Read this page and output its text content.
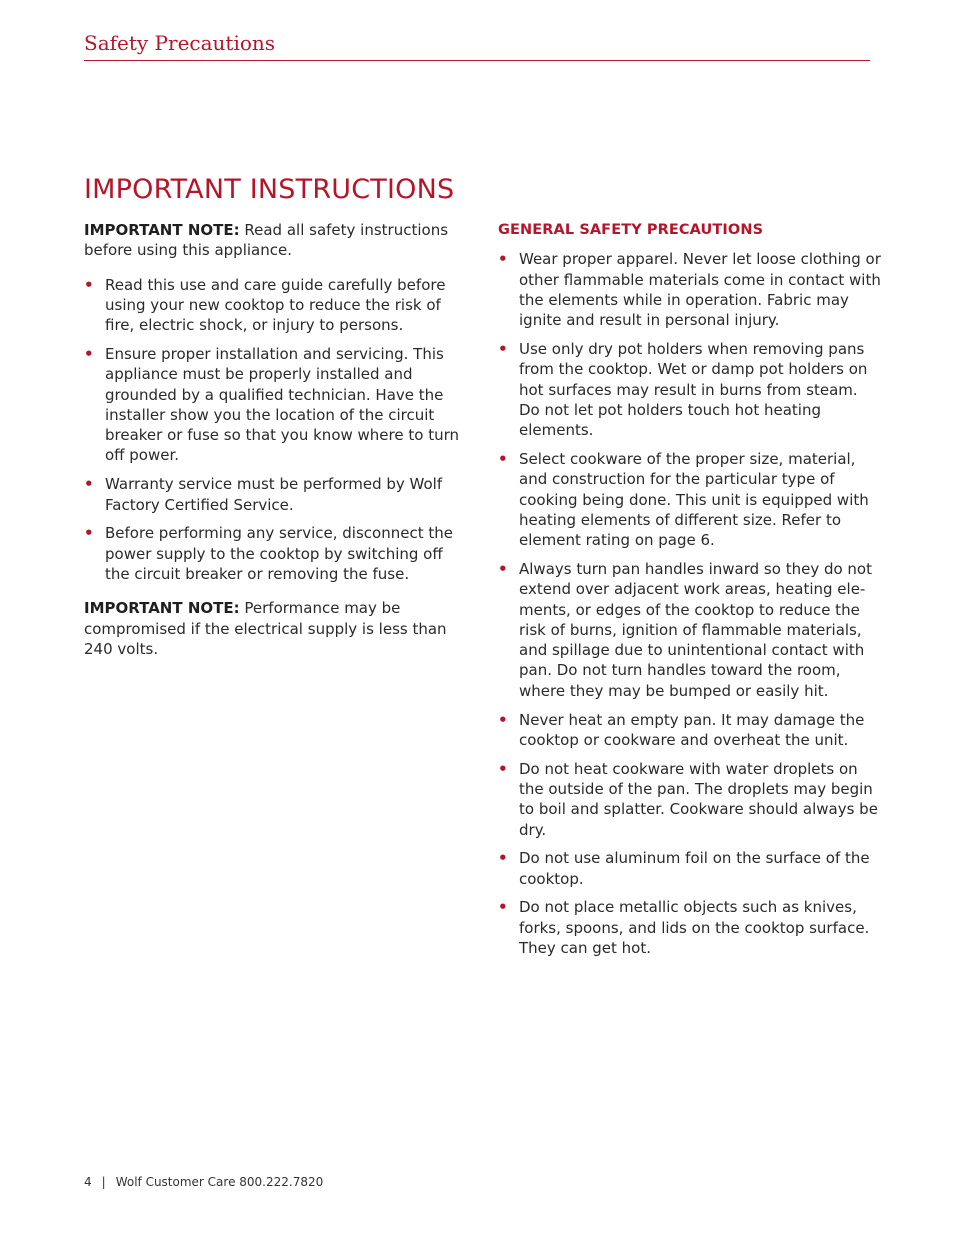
Safety Precautions
IMPORTANT INSTRUCTIONS

IMPORTANT NOTE: Read all safety instructions before using this appliance.

• Read this use and care guide carefully before using your new cooktop to reduce the risk of fire, electric shock, or injury to persons.
• Ensure proper installation and servicing. This appliance must be properly installed and grounded by a qualified technician. Have the installer show you the location of the circuit breaker or fuse so that you know where to turn off power.
• Warranty service must be performed by Wolf Factory Certified Service.
• Before performing any service, disconnect the power supply to the cooktop by switching off the circuit breaker or removing the fuse.

IMPORTANT NOTE: Performance may be compromised if the electrical supply is less than 240 volts.

GENERAL SAFETY PRECAUTIONS

• Wear proper apparel. Never let loose clothing or other flammable materials come in contact with the elements while in operation. Fabric may ignite and result in personal injury.
• Use only dry pot holders when removing pans from the cooktop. Wet or damp pot holders on hot surfaces may result in burns from steam. Do not let pot holders touch hot heating elements.
• Select cookware of the proper size, material, and construction for the particular type of cooking being done. This unit is equipped with heating elements of different size. Refer to element rating on page 6.
• Always turn pan handles inward so they do not extend over adjacent work areas, heating ele-ments, or edges of the cooktop to reduce the risk of burns, ignition of flammable materials, and spillage due to unintentional contact with pan. Do not turn handles toward the room, where they may be bumped or easily hit.
• Never heat an empty pan. It may damage the cooktop or cookware and overheat the unit.
• Do not heat cookware with water droplets on the outside of the pan. The droplets may begin to boil and splatter. Cookware should always be dry.
• Do not use aluminum foil on the surface of the cooktop.
• Do not place metallic objects such as knives, forks, spoons, and lids on the cooktop surface. They can get hot.
4 | Wolf Customer Care 800.222.7820
